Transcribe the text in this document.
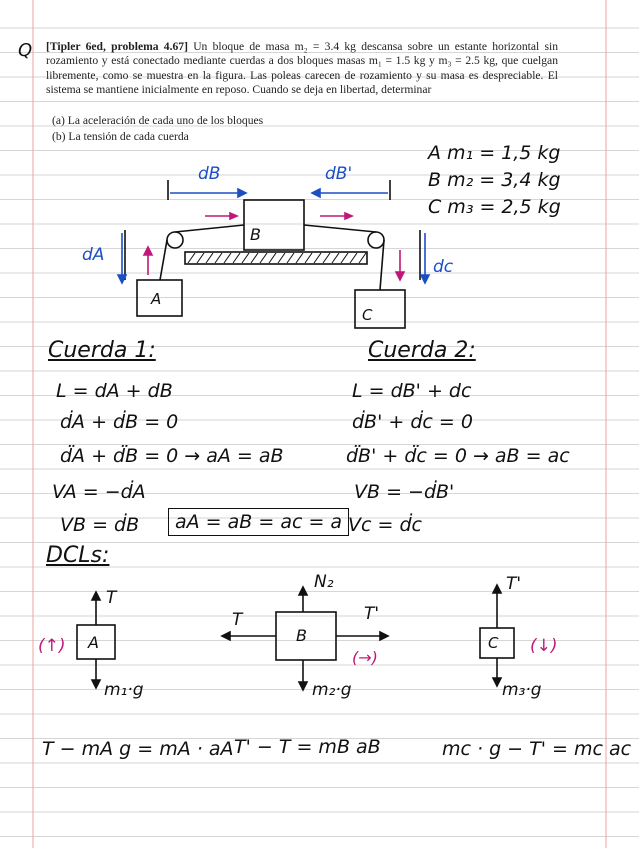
Q [Tipler 6ed, problema 4.67] Un bloque de masa m₂ = 3.4 kg descansa sobre un estante horizontal sin rozamiento y está conectado mediante cuerdas a dos bloques masas m₁ = 1.5 kg y m₃ = 2.5 kg, que cuelgan libremente, como se muestra en la figura. Las poleas carecen de rozamiento y su masa es despreciable. El sistema se mantiene inicialmente en reposo. Cuando se deja en libertad, determinar
(a) La aceleración de cada uno de los bloques
(b) La tensión de cada cuerda
A m₁ = 1,5 kg
B m₂ = 3,4 kg
C m₃ = 2,5 kg
B
A
C
dB	dB'
dA
dc
Cuerda 1:
L = dA + dB
ḋA + ḋB = 0
d̈A + d̈B = 0 → aA = aB
VA = −ḋA
VB = ḋB	aA = aB = ac = a
Cuerda 2:
L = dB' + dc
ḋB' + ḋc = 0
d̈B' + d̈c = 0 → aB = ac
VB = −ḋB'
Vc = ḋc
DCLs:
A
T
m₁·g
(↑)
B
N₂
T	T'
m₂·g
(→)
C
T'
m₃·g
(↓)
T − mA g = mA · aA T' − T = mB aB	mc · g − T' = mc ac
